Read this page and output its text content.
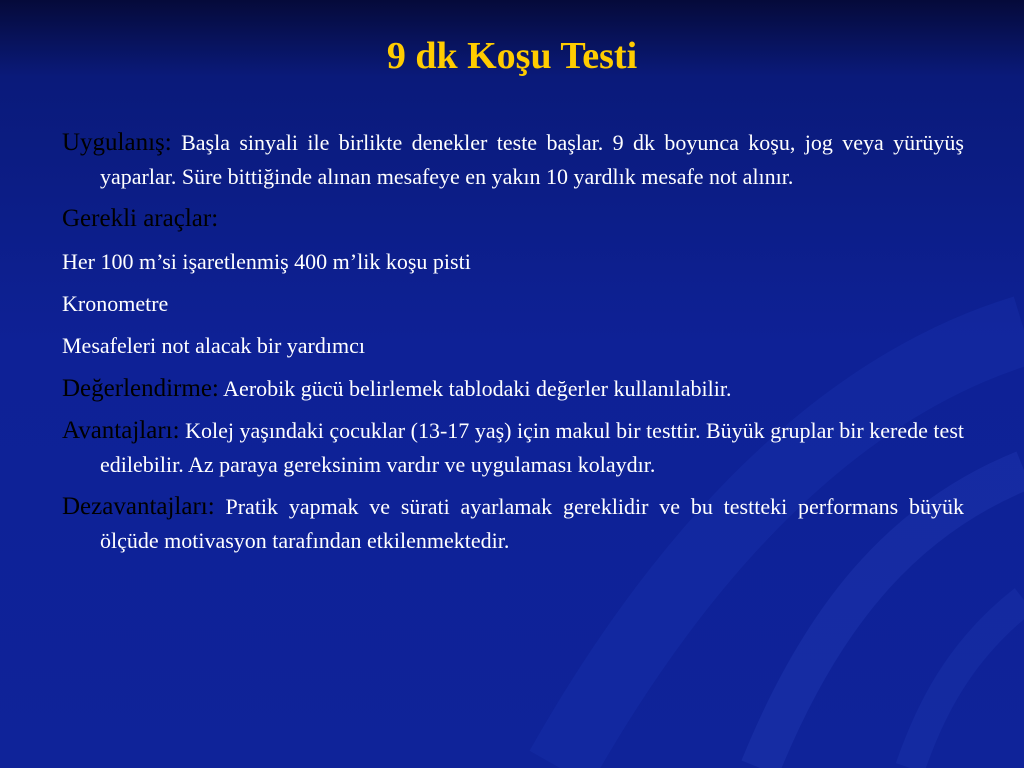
9 dk Koşu Testi

Uygulanış: Başla sinyali ile birlikte denekler teste başlar. 9 dk boyunca koşu, jog veya yürüyüş yaparlar. Süre bittiğinde alınan mesafeye en yakın 10 yardlık mesafe not alınır.

Gerekli araçlar:

Her 100 m’si işaretlenmiş 400 m’lik koşu pisti

Kronometre

Mesafeleri not alacak bir yardımcı

Değerlendirme: Aerobik gücü belirlemek tablodaki değerler kullanılabilir.

Avantajları: Kolej yaşındaki çocuklar (13-17 yaş) için makul bir testtir. Büyük gruplar bir kerede test edilebilir. Az paraya gereksinim vardır ve uygulaması kolaydır.

Dezavantajları: Pratik yapmak ve sürati ayarlamak gereklidir ve bu testteki performans büyük ölçüde motivasyon tarafından etkilenmektedir.
